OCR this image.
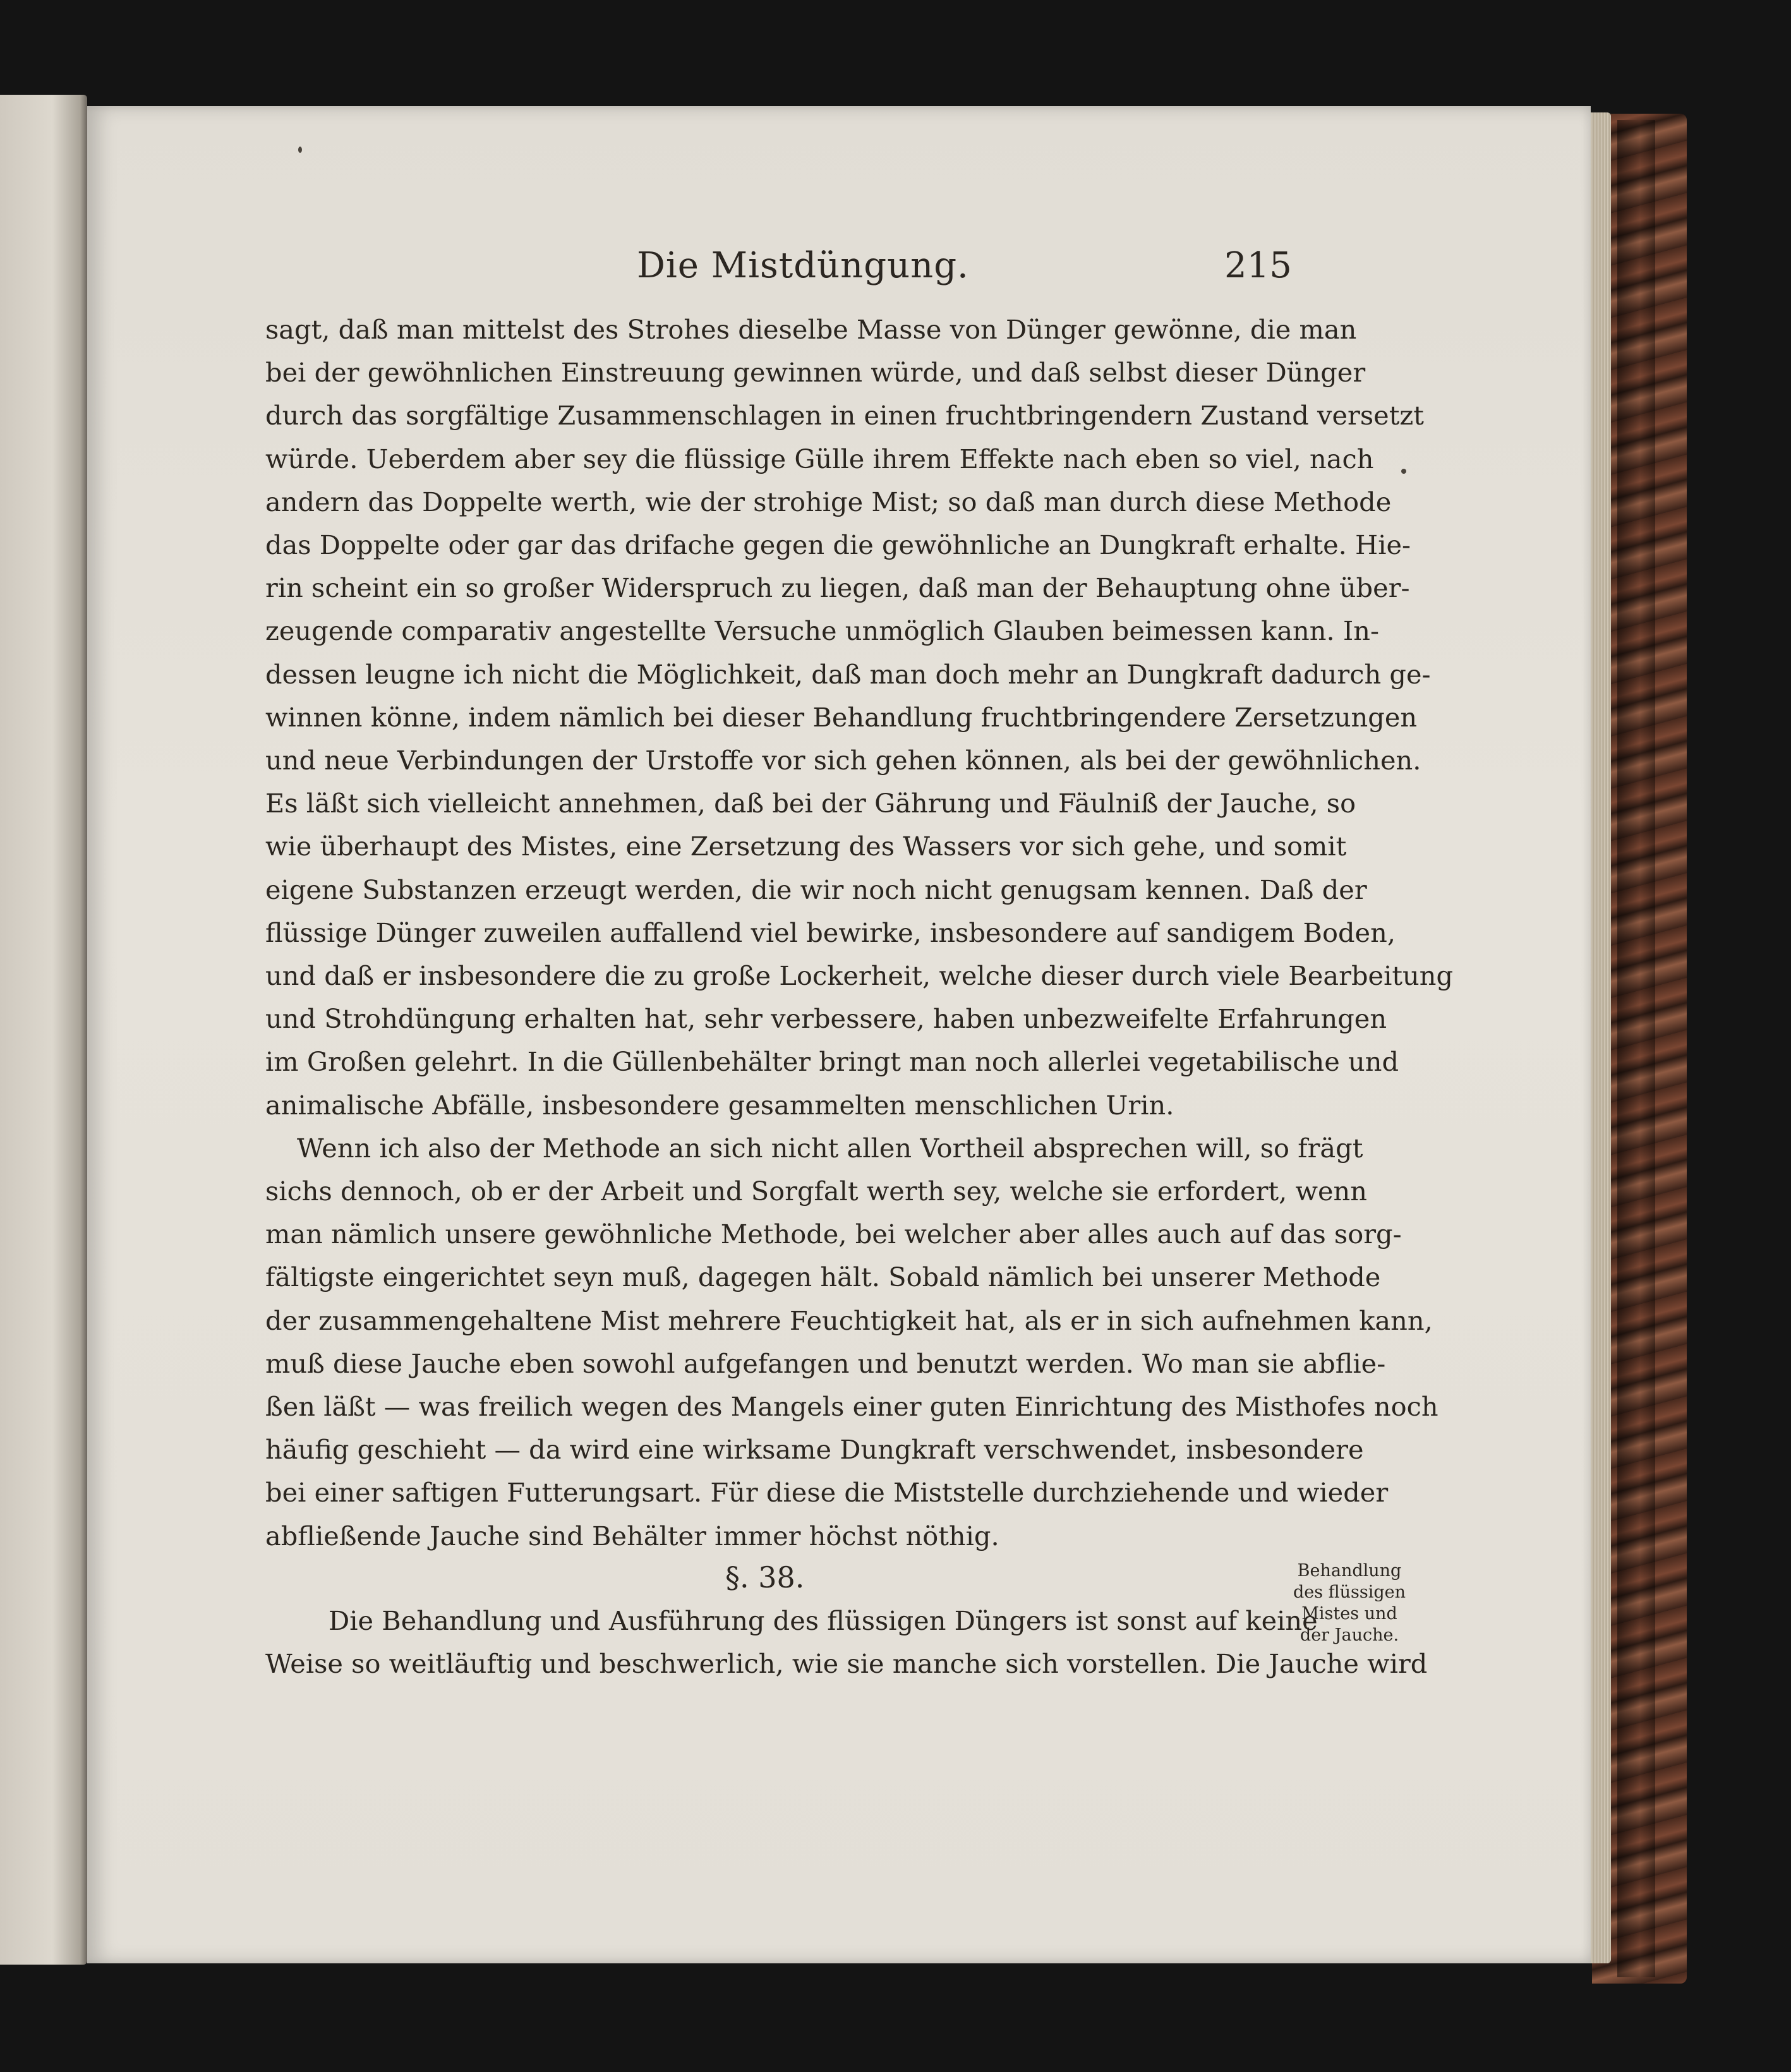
Die Mistdüngung.	215
sagt, daß man mittelst des Strohes dieselbe Masse von Dünger gewönne, die man
bei der gewöhnlichen Einstreuung gewinnen würde, und daß selbst dieser Dünger
durch das sorgfältige Zusammenschlagen in einen fruchtbringendern Zustand versetzt
würde. Ueberdem aber sey die flüssige Gülle ihrem Effekte nach eben so viel, nach
andern das Doppelte werth, wie der strohige Mist; so daß man durch diese Methode
das Doppelte oder gar das drifache gegen die gewöhnliche an Dungkraft erhalte. Hie-
rin scheint ein so großer Widerspruch zu liegen, daß man der Behauptung ohne über-
zeugende comparativ angestellte Versuche unmöglich Glauben beimessen kann. In-
dessen leugne ich nicht die Möglichkeit, daß man doch mehr an Dungkraft dadurch ge-
winnen könne, indem nämlich bei dieser Behandlung fruchtbringendere Zersetzungen
und neue Verbindungen der Urstoffe vor sich gehen können, als bei der gewöhnlichen.
Es läßt sich vielleicht annehmen, daß bei der Gährung und Fäulniß der Jauche, so
wie überhaupt des Mistes, eine Zersetzung des Wassers vor sich gehe, und somit
eigene Substanzen erzeugt werden, die wir noch nicht genugsam kennen. Daß der
flüssige Dünger zuweilen auffallend viel bewirke, insbesondere auf sandigem Boden,
und daß er insbesondere die zu große Lockerheit, welche dieser durch viele Bearbeitung
und Strohdüngung erhalten hat, sehr verbessere, haben unbezweifelte Erfahrungen
im Großen gelehrt. In die Güllenbehälter bringt man noch allerlei vegetabilische und
animalische Abfälle, insbesondere gesammelten menschlichen Urin.
Wenn ich also der Methode an sich nicht allen Vortheil absprechen will, so frägt
sichs dennoch, ob er der Arbeit und Sorgfalt werth sey, welche sie erfordert, wenn
man nämlich unsere gewöhnliche Methode, bei welcher aber alles auch auf das sorg-
fältigste eingerichtet seyn muß, dagegen hält. Sobald nämlich bei unserer Methode
der zusammengehaltene Mist mehrere Feuchtigkeit hat, als er in sich aufnehmen kann,
muß diese Jauche eben sowohl aufgefangen und benutzt werden. Wo man sie abflie-
ßen läßt — was freilich wegen des Mangels einer guten Einrichtung des Misthofes noch
häufig geschieht — da wird eine wirksame Dungkraft verschwendet, insbesondere
bei einer saftigen Futterungsart. Für diese die Miststelle durchziehende und wieder
abfließende Jauche sind Behälter immer höchst nöthig.
§. 38.
Die Behandlung und Ausführung des flüssigen Düngers ist sonst auf keine
Weise so weitläuftig und beschwerlich, wie sie manche sich vorstellen. Die Jauche wird
Behandlung
des flüssigen
Mistes und
der Jauche.
